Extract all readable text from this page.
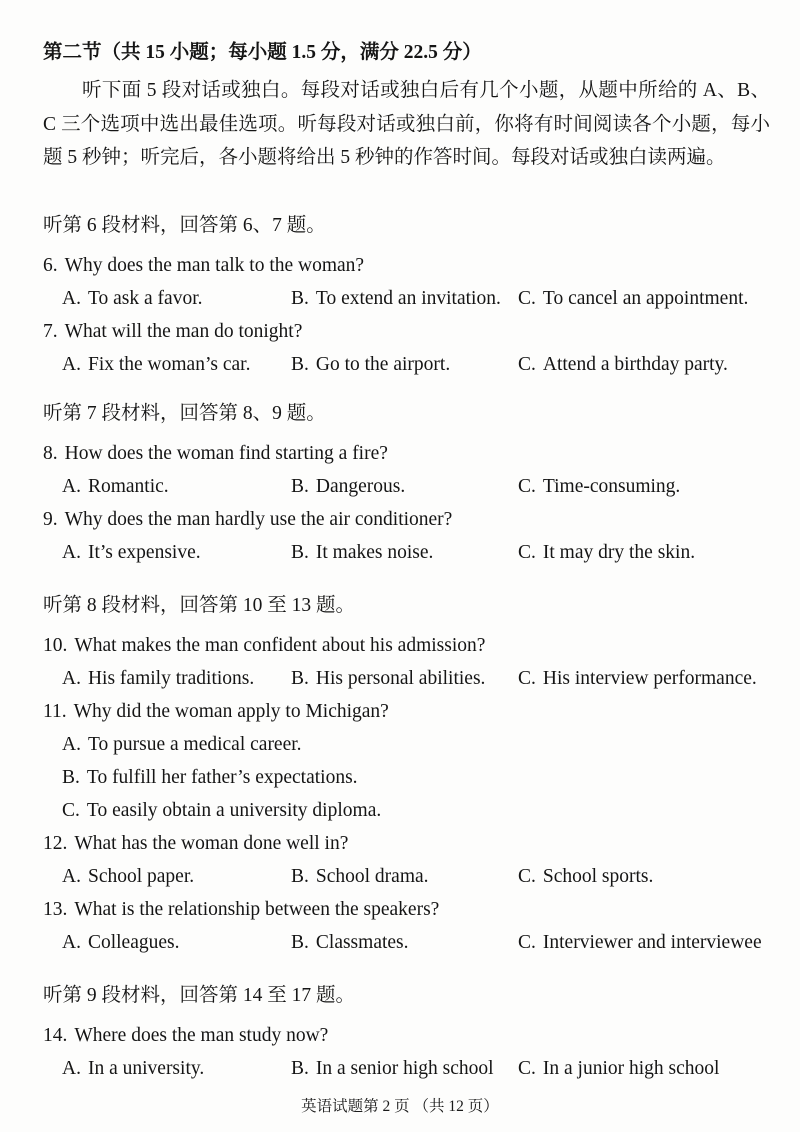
第二节（共 15 小题；每小题 1.5 分，满分 22.5 分）

听下面 5 段对话或独白。每段对话或独白后有几个小题，从题中所给的 A、B、C 三个选项中选出最佳选项。听每段对话或独白前，你将有时间阅读各个小题，每小题 5 秒钟；听完后，各小题将给出 5 秒钟的作答时间。每段对话或独白读两遍。

听第 6 段材料，回答第 6、7 题。
6. Why does the man talk to the woman?
A. To ask a favor.	B. To extend an invitation. C. To cancel an appointment.
7. What will the man do tonight?
A. Fix the woman’s car.	B. Go to the airport.	C. Attend a birthday party.
听第 7 段材料，回答第 8、9 题。
8. How does the woman find starting a fire?
A. Romantic.	B. Dangerous.	C. Time-consuming.
9. Why does the man hardly use the air conditioner?
A. It’s expensive.	B. It makes noise.	C. It may dry the skin.
听第 8 段材料，回答第 10 至 13 题。
10. What makes the man confident about his admission?
A. His family traditions.	B. His personal abilities.	C. His interview performance.
11. Why did the woman apply to Michigan?
A. To pursue a medical career.
B. To fulfill her father’s expectations.
C. To easily obtain a university diploma.
12. What has the woman done well in?
A. School paper.	B. School drama.	C. School sports.
13. What is the relationship between the speakers?
A. Colleagues.	B. Classmates.	C. Interviewer and interviewee
听第 9 段材料，回答第 14 至 17 题。
14. Where does the man study now?
A. In a university.	B. In a senior high school	C. In a junior high school
英语试题第 2 页 （共 12 页）
